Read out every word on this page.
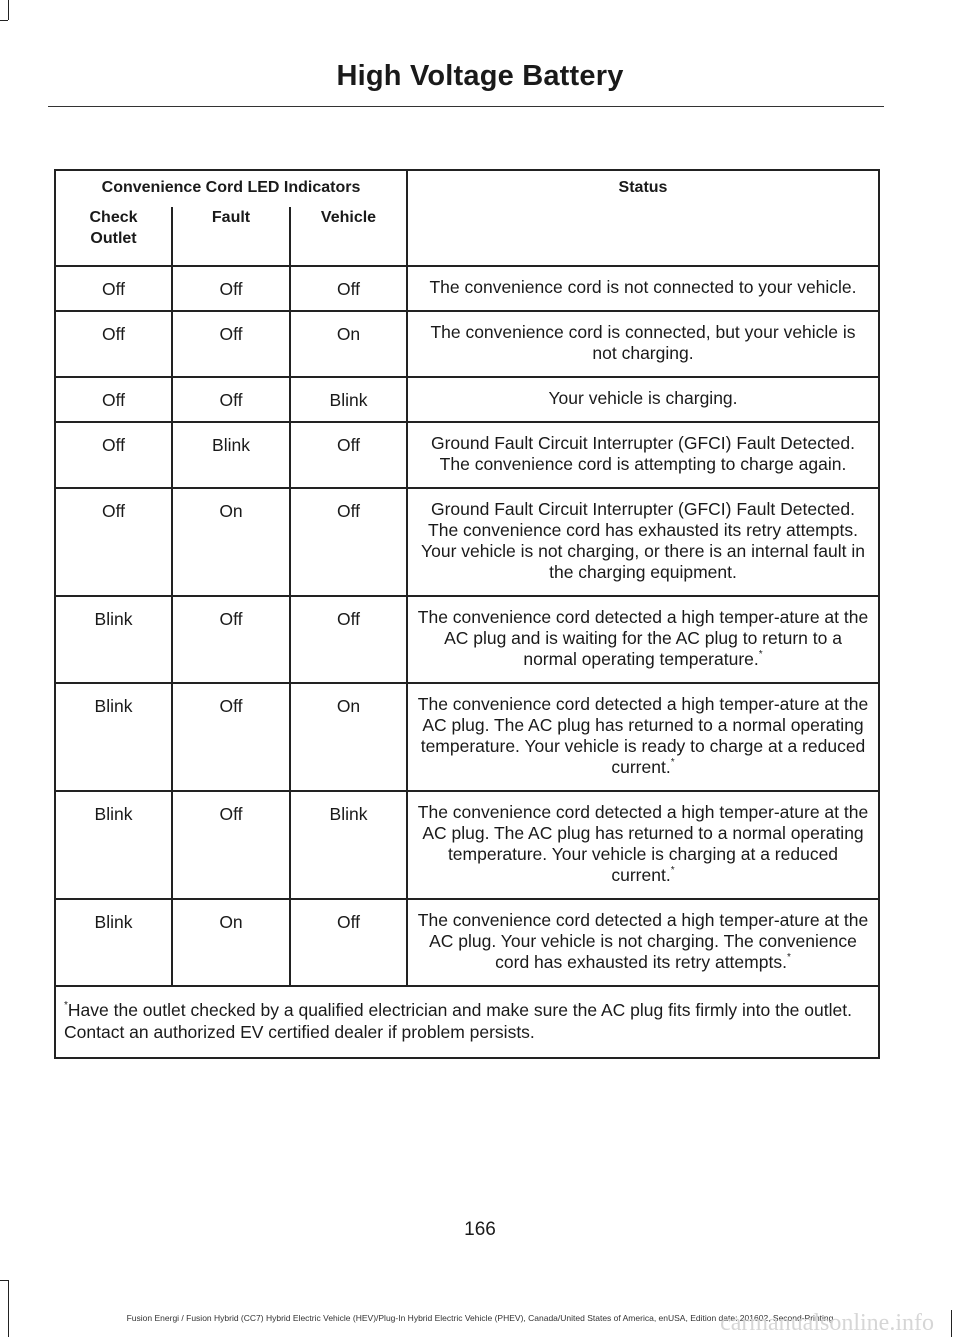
High Voltage Battery
Convenience Cord LED Indicators			Status
Check Outlet	Fault	Vehicle	
Off	Off	Off	The convenience cord is not connected to your vehicle.

Off	Off	On	The convenience cord is connected, but your vehicle is not charging.

Off	Off	Blink	Your vehicle is charging.

Off	Blink	Off	Ground Fault Circuit Interrupter (GFCI) Fault Detected.

The convenience cord is attempting to charge again.

Off	On	Off	Ground Fault Circuit Interrupter (GFCI) Fault Detected.

The convenience cord has exhausted its retry attempts. Your vehicle is not charging, or there is an internal fault in the charging equipment.

Blink	Off	Off	The convenience cord detected a high temper-ature at the AC plug and is waiting for the AC plug to return to a normal operating temperature.*

Blink	Off	On	The convenience cord detected a high temper-ature at the AC plug. The AC plug has returned to a normal operating temperature. Your vehicle is ready to charge at a reduced current.*

Blink	Off	Blink	The convenience cord detected a high temper-ature at the AC plug. The AC plug has returned to a normal operating temperature. Your vehicle is charging at a reduced current.*

Blink	On	Off	The convenience cord detected a high temper-ature at the AC plug. Your vehicle is not charging. The convenience cord has exhausted its retry attempts.*

*Have the outlet checked by a qualified electrician and make sure the AC plug fits firmly into the outlet. Contact an authorized EV certified dealer if problem persists.			
166
Fusion Energi / Fusion Hybrid (CC7) Hybrid Electric Vehicle (HEV)/Plug-In Hybrid Electric Vehicle (PHEV), Canada/United States of America, enUSA, Edition date: 201602, Second-Printing
carmanualsonline.info
